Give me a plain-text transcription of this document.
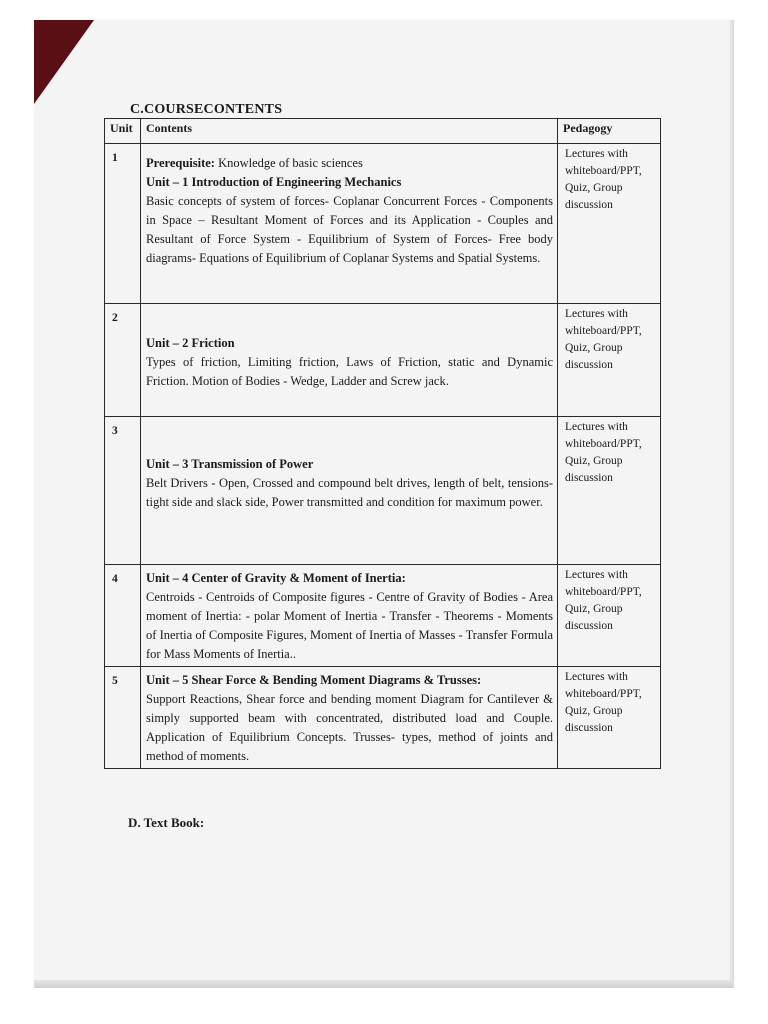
C.COURSECONTENTS
Unit	Contents	Pedagogy
1	Prerequisite: Knowledge of basic sciences
Unit – 1 Introduction of Engineering Mechanics
Basic concepts of system of forces- Coplanar Concurrent Forces - Components in Space – Resultant Moment of Forces and its Application - Couples and Resultant of Force System - Equilibrium of System of Forces- Free body diagrams- Equations of Equilibrium of Coplanar Systems and Spatial Systems.	Lectures with whiteboard/PPT, Quiz, Group discussion
2	Unit – 2 Friction
Types of friction, Limiting friction, Laws of Friction, static and Dynamic Friction. Motion of Bodies - Wedge, Ladder and Screw jack.	Lectures with whiteboard/PPT, Quiz, Group discussion
3	Unit – 3 Transmission of Power
Belt Drivers - Open, Crossed and compound belt drives, length of belt, tensions- tight side and slack side, Power transmitted and condition for maximum power.	Lectures with whiteboard/PPT, Quiz, Group discussion
4	Unit – 4 Center of Gravity & Moment of Inertia:
Centroids - Centroids of Composite figures - Centre of Gravity of Bodies - Area moment of Inertia: - polar Moment of Inertia - Transfer - Theorems - Moments of Inertia of Composite Figures, Moment of Inertia of Masses - Transfer Formula for Mass Moments of Inertia..	Lectures with whiteboard/PPT, Quiz, Group discussion
5	Unit – 5 Shear Force & Bending Moment Diagrams & Trusses:
Support Reactions, Shear force and bending moment Diagram for Cantilever & simply supported beam with concentrated, distributed load and Couple. Application of Equilibrium Concepts. Trusses- types, method of joints and method of moments.	Lectures with whiteboard/PPT, Quiz, Group discussion
D. Text Book:
